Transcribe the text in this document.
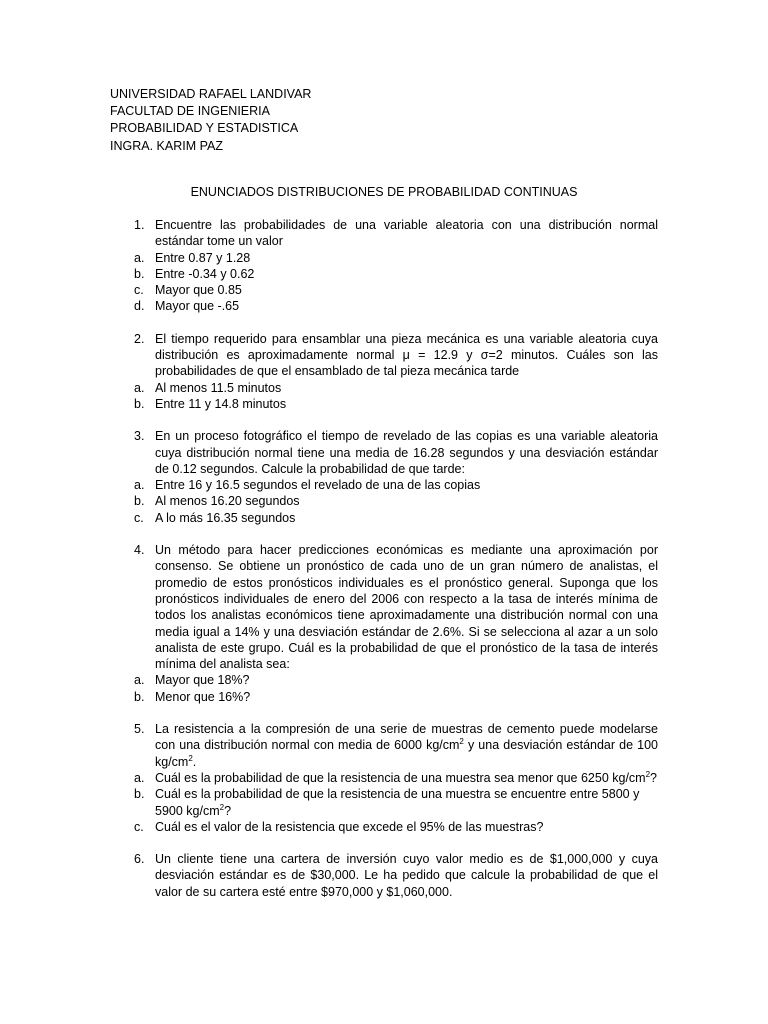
UNIVERSIDAD RAFAEL LANDIVAR
FACULTAD DE INGENIERIA
PROBABILIDAD Y ESTADISTICA
INGRA. KARIM PAZ
ENUNCIADOS DISTRIBUCIONES DE PROBABILIDAD CONTINUAS
1. Encuentre las probabilidades de una variable aleatoria con una distribución normal estándar tome un valor
a. Entre 0.87 y 1.28
b. Entre -0.34 y 0.62
c. Mayor que 0.85
d. Mayor que -.65
2. El tiempo requerido para ensamblar una pieza mecánica es una variable aleatoria cuya distribución es aproximadamente normal μ = 12.9 y σ=2 minutos. Cuáles son las probabilidades de que el ensamblado de tal pieza mecánica tarde
a. Al menos 11.5 minutos
b. Entre 11 y 14.8 minutos
3. En un proceso fotográfico el tiempo de revelado de las copias es una variable aleatoria cuya distribución normal tiene una media de 16.28 segundos y una desviación estándar de 0.12 segundos. Calcule la probabilidad de que tarde:
a. Entre 16 y 16.5 segundos el revelado de una de las copias
b. Al menos 16.20 segundos
c. A lo más 16.35 segundos
4. Un método para hacer predicciones económicas es mediante una aproximación por consenso. Se obtiene un pronóstico de cada uno de un gran número de analistas, el promedio de estos pronósticos individuales es el pronóstico general. Suponga que los pronósticos individuales de enero del 2006 con respecto a la tasa de interés mínima de todos los analistas económicos tiene aproximadamente una distribución normal con una media igual a 14% y una desviación estándar de 2.6%. Si se selecciona al azar a un solo analista de este grupo. Cuál es la probabilidad de que el pronóstico de la tasa de interés mínima del analista sea:
a. Mayor que 18%?
b. Menor que 16%?
5. La resistencia a la compresión de una serie de muestras de cemento puede modelarse con una distribución normal con media de 6000 $kg/cm^2$ y una desviación estándar de 100 $kg/cm^2$.
a. Cuál es la probabilidad de que la resistencia de una muestra sea menor que 6250 $kg/cm^2$?
b. Cuál es la probabilidad de que la resistencia de una muestra se encuentre entre 5800 y 5900 $kg/cm^2$?
c. Cuál es el valor de la resistencia que excede el 95% de las muestras?
6. Un cliente tiene una cartera de inversión cuyo valor medio es de $1,000,000 y cuya desviación estándar es de $30,000. Le ha pedido que calcule la probabilidad de que el valor de su cartera esté entre $970,000 y $1,060,000.
